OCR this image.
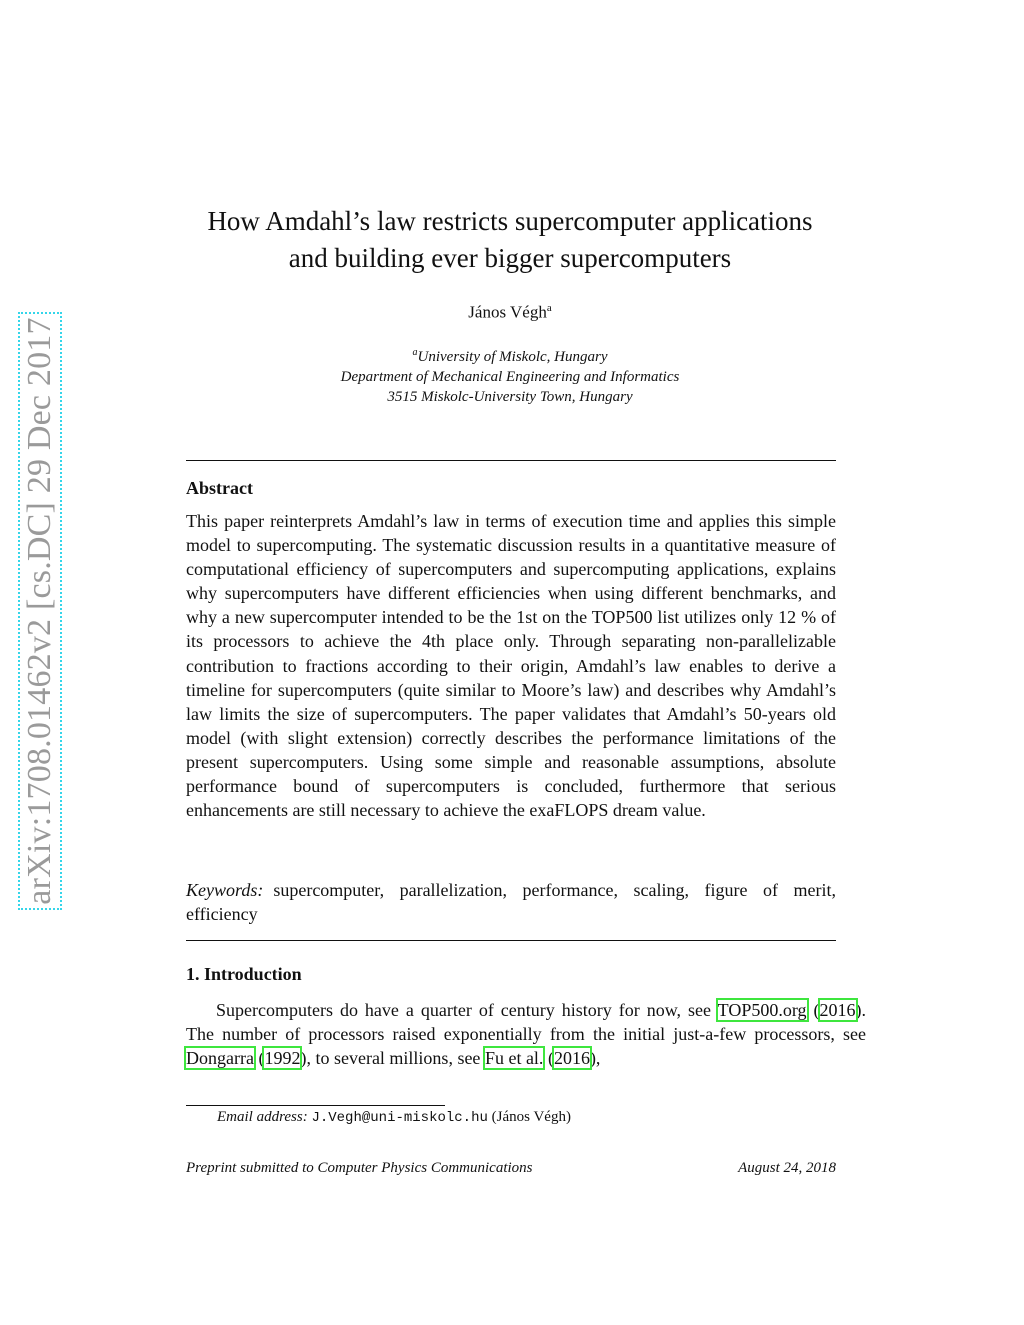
arXiv:1708.01462v2 [cs.DC] 29 Dec 2017
How Amdahl’s law restricts supercomputer applications
and building ever bigger supercomputers
János Végh$^a$
$^a$University of Miskolc, Hungary
Department of Mechanical Engineering and Informatics
3515 Miskolc-University Town, Hungary
Abstract
This paper reinterprets Amdahl’s law in terms of execution time and applies this simple model to supercomputing. The systematic discussion results in a quantitative measure of computational efficiency of supercomputers and supercomputing applications, explains why supercomputers have different efficiencies when using different benchmarks, and why a new supercomputer intended to be the 1st on the TOP500 list utilizes only 12 % of its processors to achieve the 4th place only. Through separating non-parallelizable contribution to fractions according to their origin, Amdahl’s law enables to derive a timeline for supercomputers (quite similar to Moore’s law) and describes why Amdahl’s law limits the size of supercomputers. The paper validates that Amdahl’s 50-years old model (with slight extension) correctly describes the performance limitations of the present supercomputers. Using some simple and reasonable assumptions, absolute performance bound of supercomputers is concluded, furthermore that serious enhancements are still necessary to achieve the exaFLOPS dream value.
Keywords: supercomputer, parallelization, performance, scaling, figure of merit, efficiency
1. Introduction
Supercomputers do have a quarter of century history for now, see TOP500.org (2016). The number of processors raised exponentially from the initial just-a-few processors, see Dongarra (1992), to several millions, see Fu et al. (2016),
Email address: J.Vegh@uni-miskolc.hu (János Végh)
Preprint submitted to Computer Physics Communications	August 24, 2018
